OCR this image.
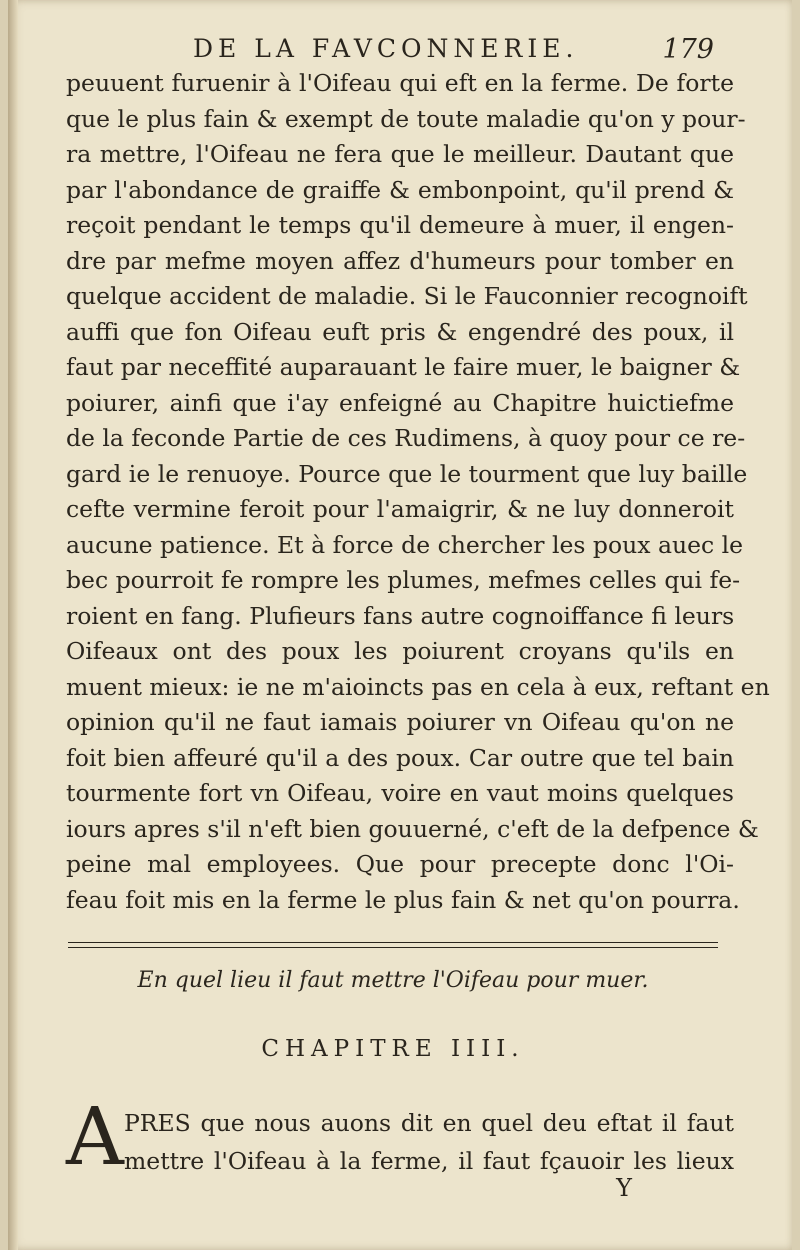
DE LA FAVCONNERIE.	179
peuuent furuenir à l'Oifeau qui eft en la ferme. De forte
que le plus fain & exempt de toute maladie qu'on y pour-
ra mettre, l'Oifeau ne fera que le meilleur. Dautant que
par l'abondance de graiffe & embonpoint, qu'il prend &
reçoit pendant le temps qu'il demeure à muer, il engen-
dre par mefme moyen affez d'humeurs pour tomber en
quelque accident de maladie. Si le Fauconnier recognoift
auffi que fon Oifeau euft pris & engendré des poux, il
faut par neceffité auparauant le faire muer, le baigner &
poiurer, ainfi que i'ay enfeigné au Chapitre huictiefme
de la feconde Partie de ces Rudimens, à quoy pour ce re-
gard ie le renuoye. Pource que le tourment que luy baille
cefte vermine feroit pour l'amaigrir, & ne luy donneroit
aucune patience. Et à force de chercher les poux auec le
bec pourroit fe rompre les plumes, mefmes celles qui fe-
roient en fang. Plufieurs fans autre cognoiffance fi leurs
Oifeaux ont des poux les poiurent croyans qu'ils en
muent mieux: ie ne m'aioincts pas en cela à eux, reftant en
opinion qu'il ne faut iamais poiurer vn Oifeau qu'on ne
foit bien affeuré qu'il a des poux. Car outre que tel bain
tourmente fort vn Oifeau, voire en vaut moins quelques
iours apres s'il n'eft bien gouuerné, c'eft de la defpence &
peine mal employees. Que pour precepte donc l'Oi-
feau foit mis en la ferme le plus fain & net qu'on pourra.
En quel lieu il faut mettre l'Oifeau pour muer.
CHAPITRE IIII.
A PRES que nous auons dit en quel deu eftat il faut
mettre l'Oifeau à la ferme, il faut fçauoir les lieux
Y
